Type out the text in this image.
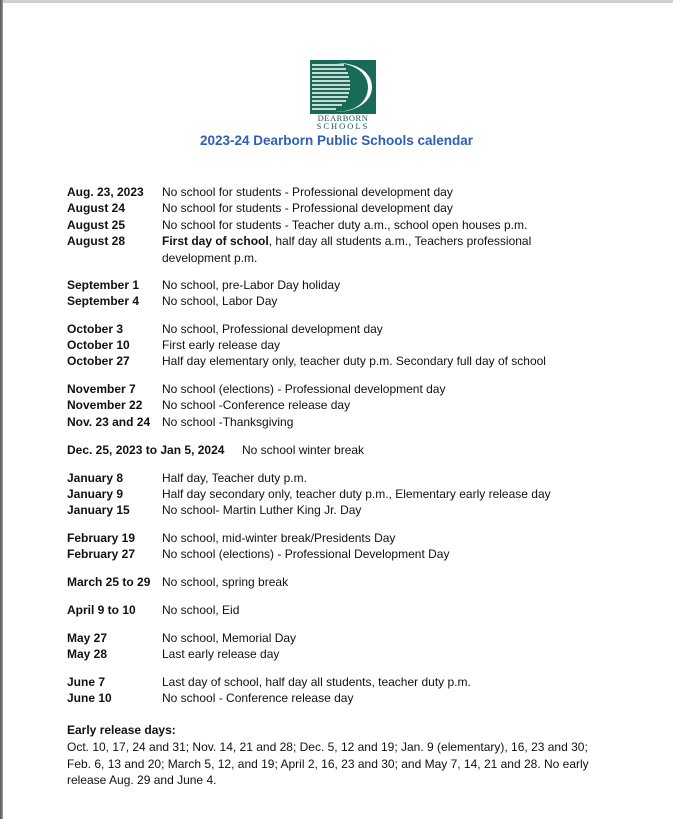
DEARBORN
SCHOOLS
2023-24 Dearborn Public Schools calendar
Aug. 23, 2023 No school for students - Professional development day
August 24	No school for students - Professional development day
August 25	No school for students - Teacher duty a.m., school open houses p.m.
August 28	First day of school, half day all students a.m., Teachers professional development p.m.
September 1 No school, pre-Labor Day holiday
September 4 No school, Labor Day
October 3	No school, Professional development day
October 10	First early release day
October 27	Half day elementary only, teacher duty p.m. Secondary full day of school
November 7 No school (elections) - Professional development day
November 22 No school -Conference release day
Nov. 23 and 24 No school -Thanksgiving
Dec. 25, 2023 to Jan 5, 2024 No school winter break
January 8	Half day, Teacher duty p.m.
January 9	Half day secondary only, teacher duty p.m., Elementary early release day
January 15	No school- Martin Luther King Jr. Day
February 19 No school, mid-winter break/Presidents Day
February 27 No school (elections) - Professional Development Day
March 25 to 29 No school, spring break
April 9 to 10 No school, Eid
May 27	No school, Memorial Day
May 28	Last early release day
June 7	Last day of school, half day all students, teacher duty p.m.
June 10	No school - Conference release day
Early release days:
Oct. 10, 17, 24 and 31; Nov. 14, 21 and 28; Dec. 5, 12 and 19; Jan. 9 (elementary), 16, 23 and 30; Feb. 6, 13 and 20; March 5, 12, and 19; April 2, 16, 23 and 30; and May 7, 14, 21 and 28. No early release Aug. 29 and June 4.
